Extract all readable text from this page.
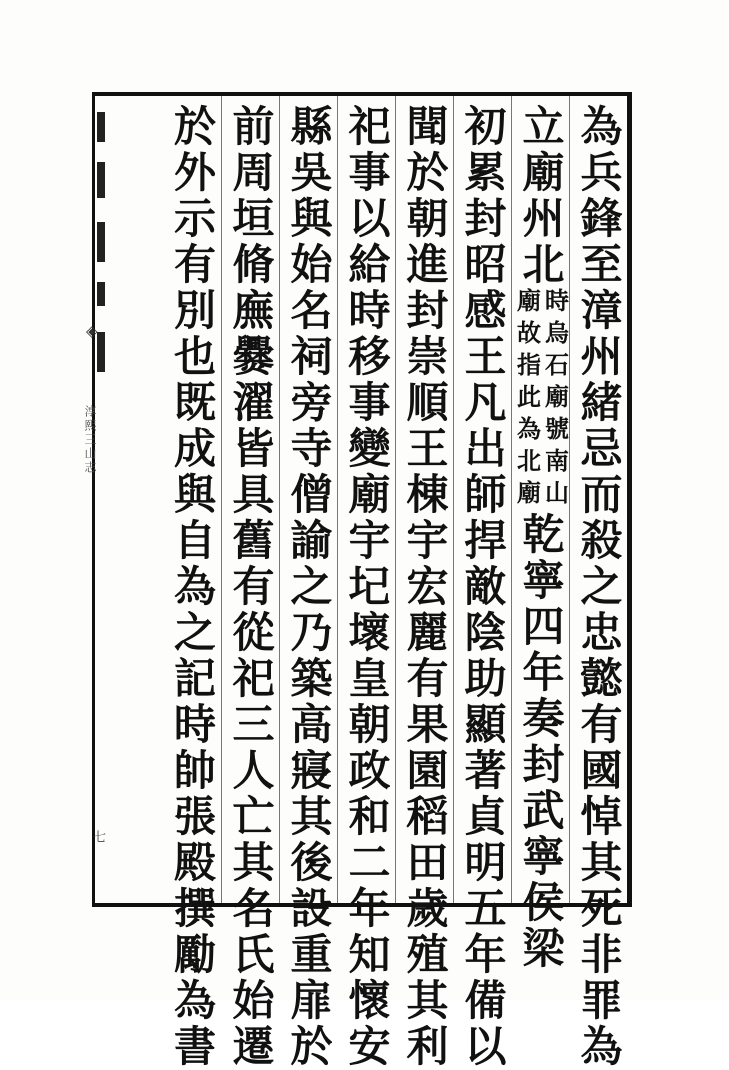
◈
淳熙三山志
七	為兵鋒至漳州緒忌而殺之忠懿有國悼其死非罪為
立廟州北
時烏石廟號南山
廟故指此為北廟
乾寧四年奏封武寧侯梁
初累封昭感王凡出師捍敵陰助顯著貞明五年備以
聞於朝進封崇順王棟宇宏麗有果園稻田歲殖其利
祀事以給時移事變廟宇圮壞皇朝政和二年知懷安
縣吳與始名祠旁寺僧諭之乃築高寢其後設重扉於
前周垣脩廡爨濯皆具舊有從祀三人亡其名氏始遷
於外示有別也既成與自為之記時帥張殿撰勵為書
